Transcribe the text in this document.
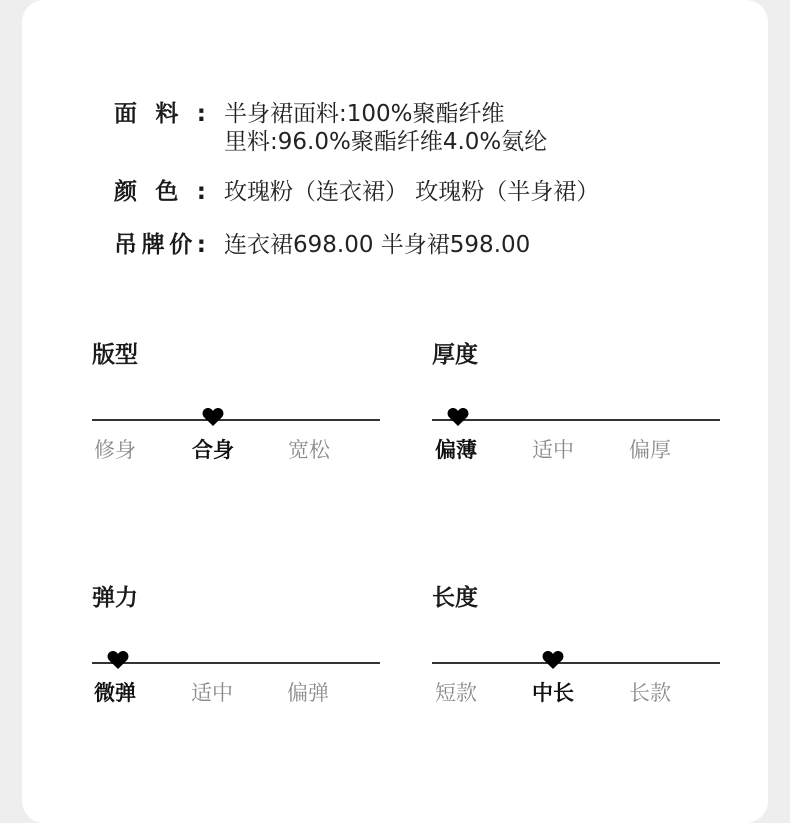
面料: 半身裙面料:100%聚酯纤维
里料:96.0%聚酯纤维4.0%氨纶
颜色: 玫瑰粉（连衣裙） 玫瑰粉（半身裙）
吊牌价: 连衣裙698.00 半身裙598.00
版型
修身	合身	宽松
厚度
偏薄	适中	偏厚
弹力
微弹	适中	偏弹
长度
短款	中长	长款
